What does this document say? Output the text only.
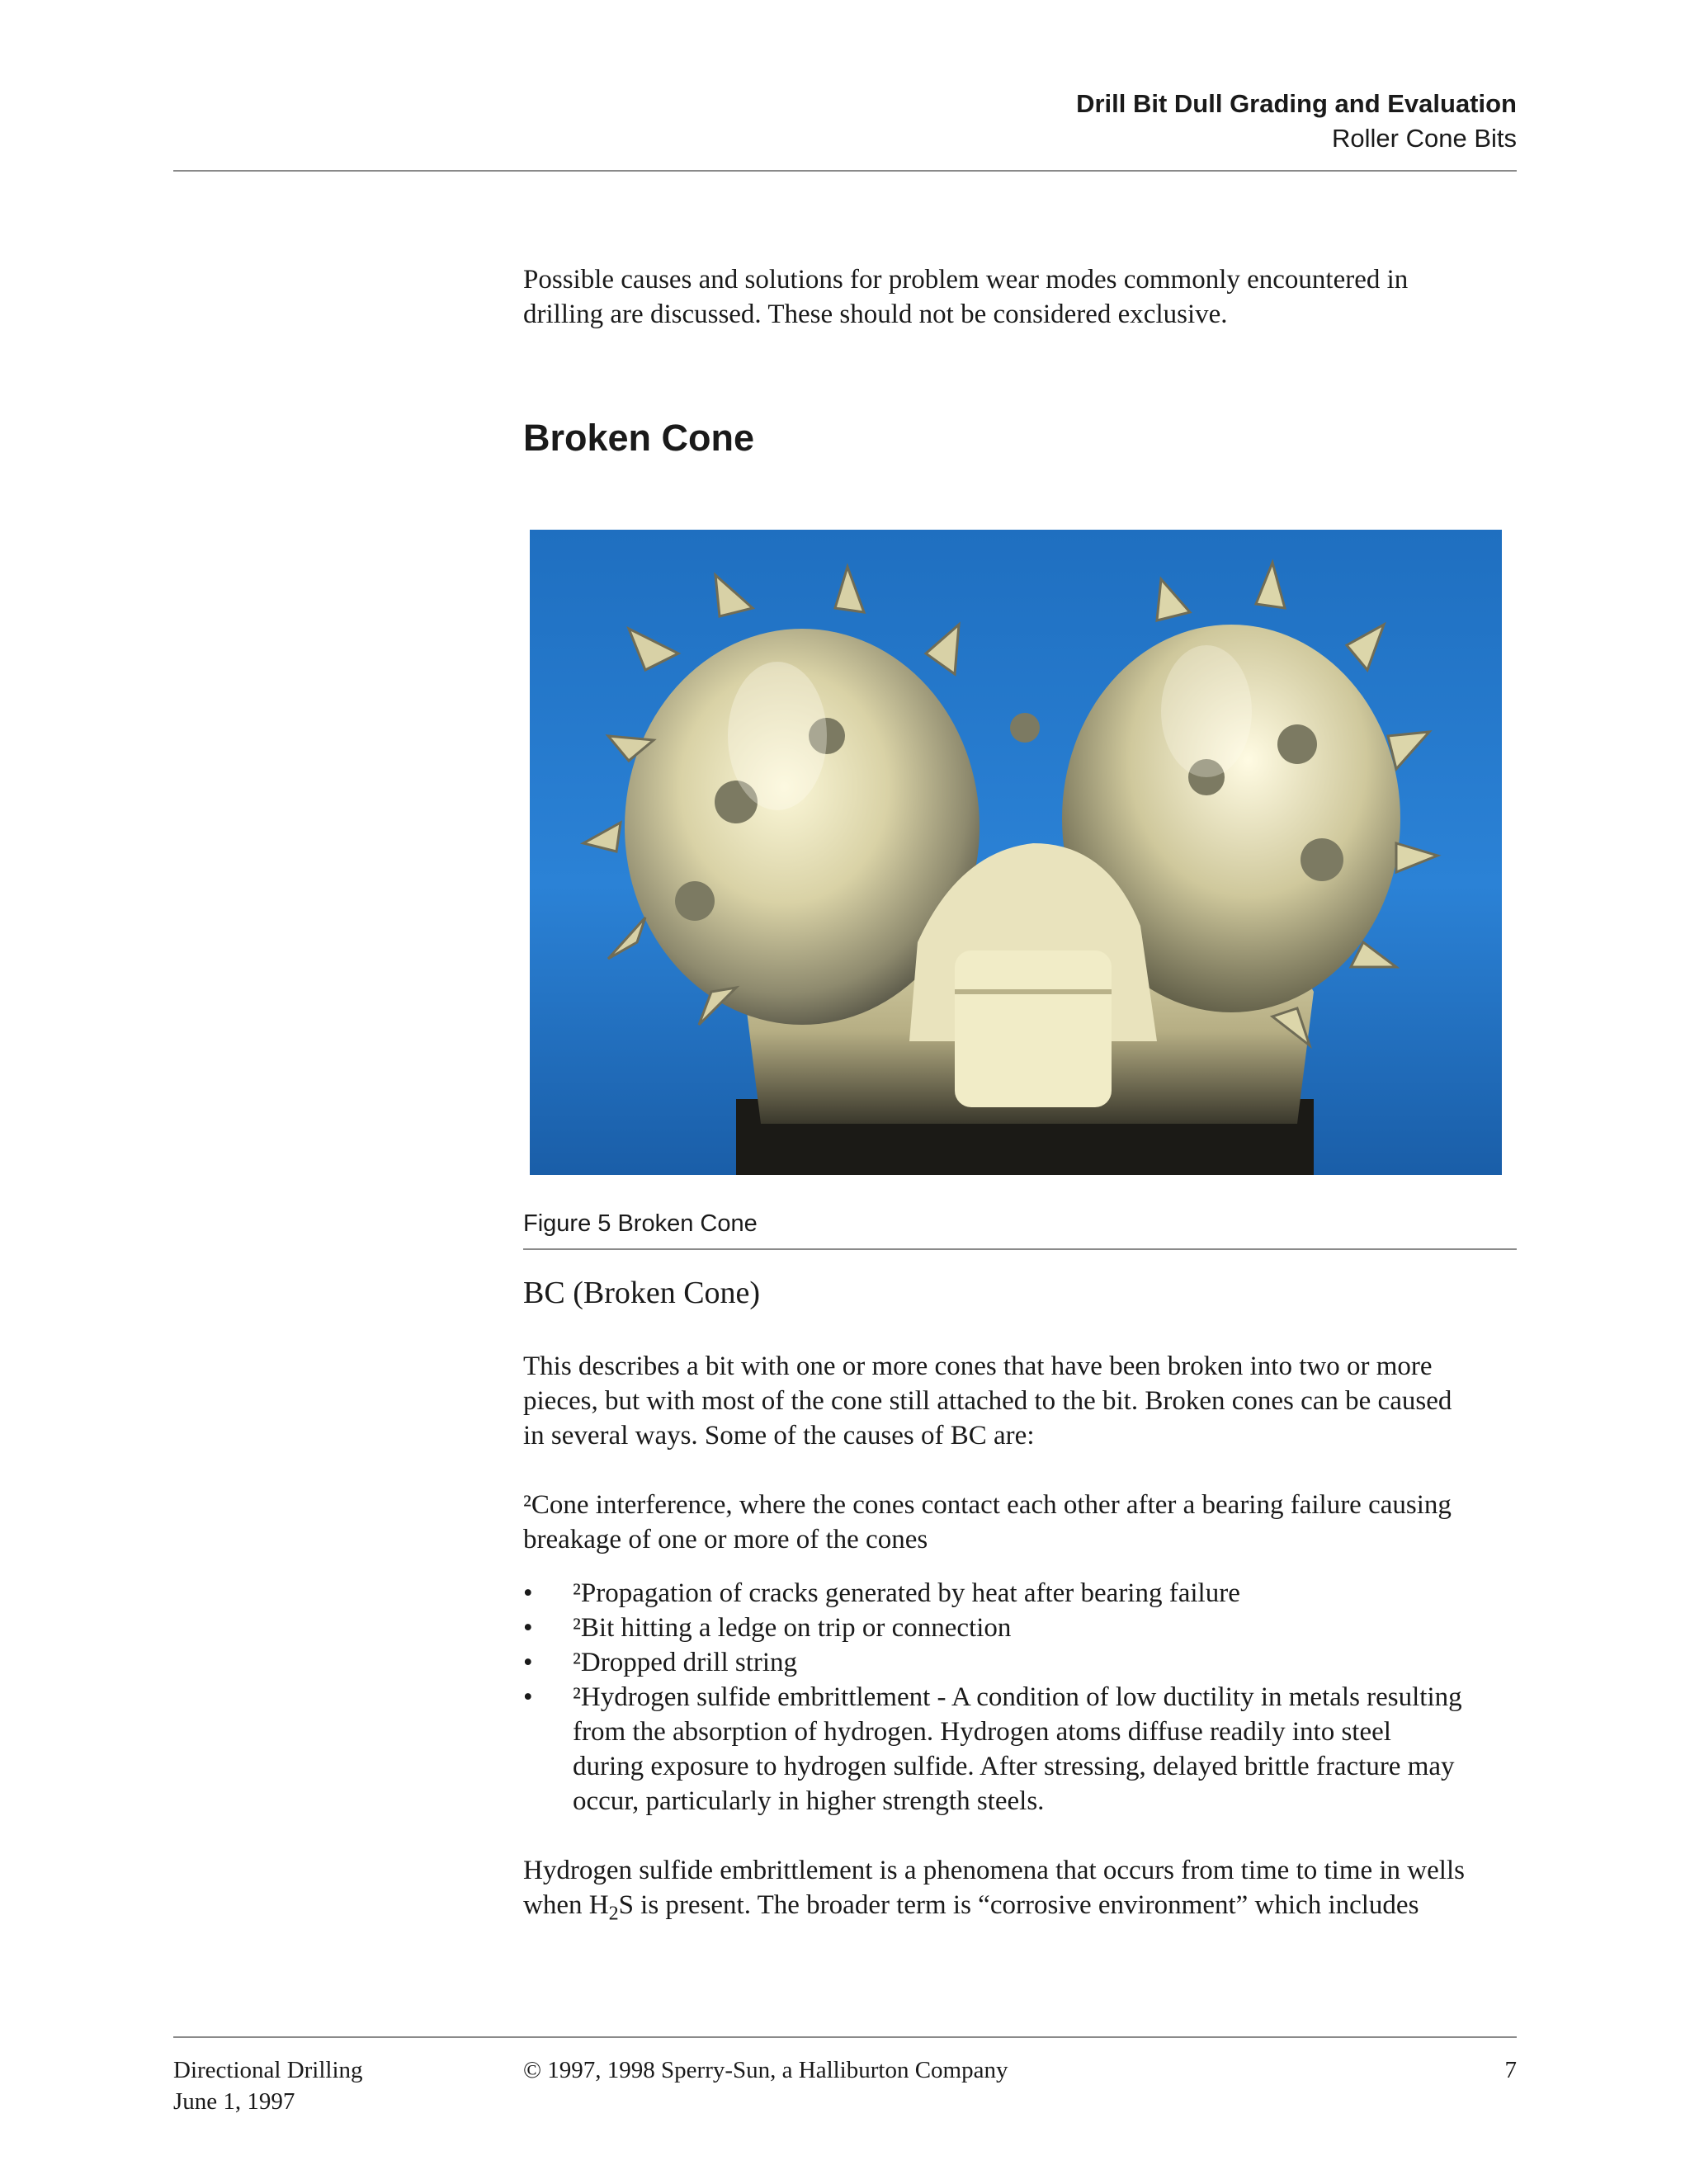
Drill Bit Dull Grading and Evaluation
Roller Cone Bits
Possible causes and solutions for problem wear modes commonly encountered in
drilling are discussed. These should not be considered exclusive.
Broken Cone
Figure 5 Broken Cone
BC (Broken Cone)
This describes a bit with one or more cones that have been broken into two or more
pieces, but with most of the cone still attached to the bit. Broken cones can be caused
in several ways. Some of the causes of BC are:
²Cone interference, where the cones contact each other after a bearing failure causing
breakage of one or more of the cones
• ²Propagation of cracks generated by heat after bearing failure
• ²Bit hitting a ledge on trip or connection
• ²Dropped drill string
• ²Hydrogen sulfide embrittlement - A condition of low ductility in metals resulting
from the absorption of hydrogen. Hydrogen atoms diffuse readily into steel
during exposure to hydrogen sulfide. After stressing, delayed brittle fracture may
occur, particularly in higher strength steels.
Hydrogen sulfide embrittlement is a phenomena that occurs from time to time in wells
when $H_2S$ is present. The broader term is “corrosive environment” which includes
Directional Drilling
June 1, 1997
© 1997, 1998 Sperry-Sun, a Halliburton Company	7
